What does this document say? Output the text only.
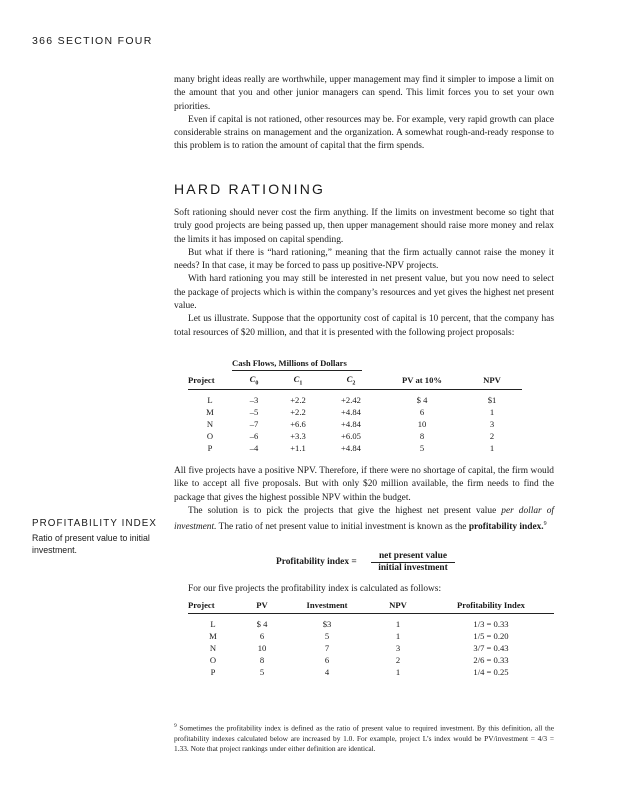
366 SECTION FOUR

many bright ideas really are worthwhile, upper management may find it simpler to impose a limit on the amount that you and other junior managers can spend. This limit forces you to set your own priorities.

Even if capital is not rationed, other resources may be. For example, very rapid growth can place considerable strains on management and the organization. A somewhat rough-and-ready response to this problem is to ration the amount of capital that the firm spends.

HARD RATIONING

Soft rationing should never cost the firm anything. If the limits on investment become so tight that truly good projects are being passed up, then upper management should raise more money and relax the limits it has imposed on capital spending.

But what if there is “hard rationing,” meaning that the firm actually cannot raise the money it needs? In that case, it may be forced to pass up positive-NPV projects.

With hard rationing you may still be interested in net present value, but you now need to select the package of projects which is within the company’s resources and yet gives the highest net present value.

Let us illustrate. Suppose that the opportunity cost of capital is 10 percent, that the company has total resources of $20 million, and that it is presented with the following project proposals:

Cash Flows, Millions of Dollars
Project	$C_0$	$C_1$	$C_2$	PV at 10%	NPV
L	–3	+2.2	+2.42	$ 4	$1
M	–5	+2.2	+4.84	6	1
N	–7	+6.6	+4.84	10	3
O	–6	+3.3	+6.05	8	2
P	–4	+1.1	+4.84	5	1

All five projects have a positive NPV. Therefore, if there were no shortage of capital, the firm would like to accept all five proposals. But with only $20 million available, the firm needs to find the package that gives the highest possible NPV within the budget.

The solution is to pick the projects that give the highest net present value per dollar of investment. The ratio of net present value to initial investment is known as the profitability index.$^9$

PROFITABILITY INDEX
Ratio of present value to initial investment.
Profitability index =
net present value
initial investment

For our five projects the profitability index is calculated as follows:

Project	PV	Investment	NPV	Profitability Index
L	$ 4	$3	1	1/3 = 0.33
M	6	5	1	1/5 = 0.20
N	10	7	3	3/7 = 0.43
O	8	6	2	2/6 = 0.33
P	5	4	1	1/4 = 0.25
$^9$ Sometimes the profitability index is defined as the ratio of present value to required investment. By this definition, all the profitability indexes calculated below are increased by 1.0. For example, project L’s index would be PV/investment = 4/3 = 1.33. Note that project rankings under either definition are identical.
